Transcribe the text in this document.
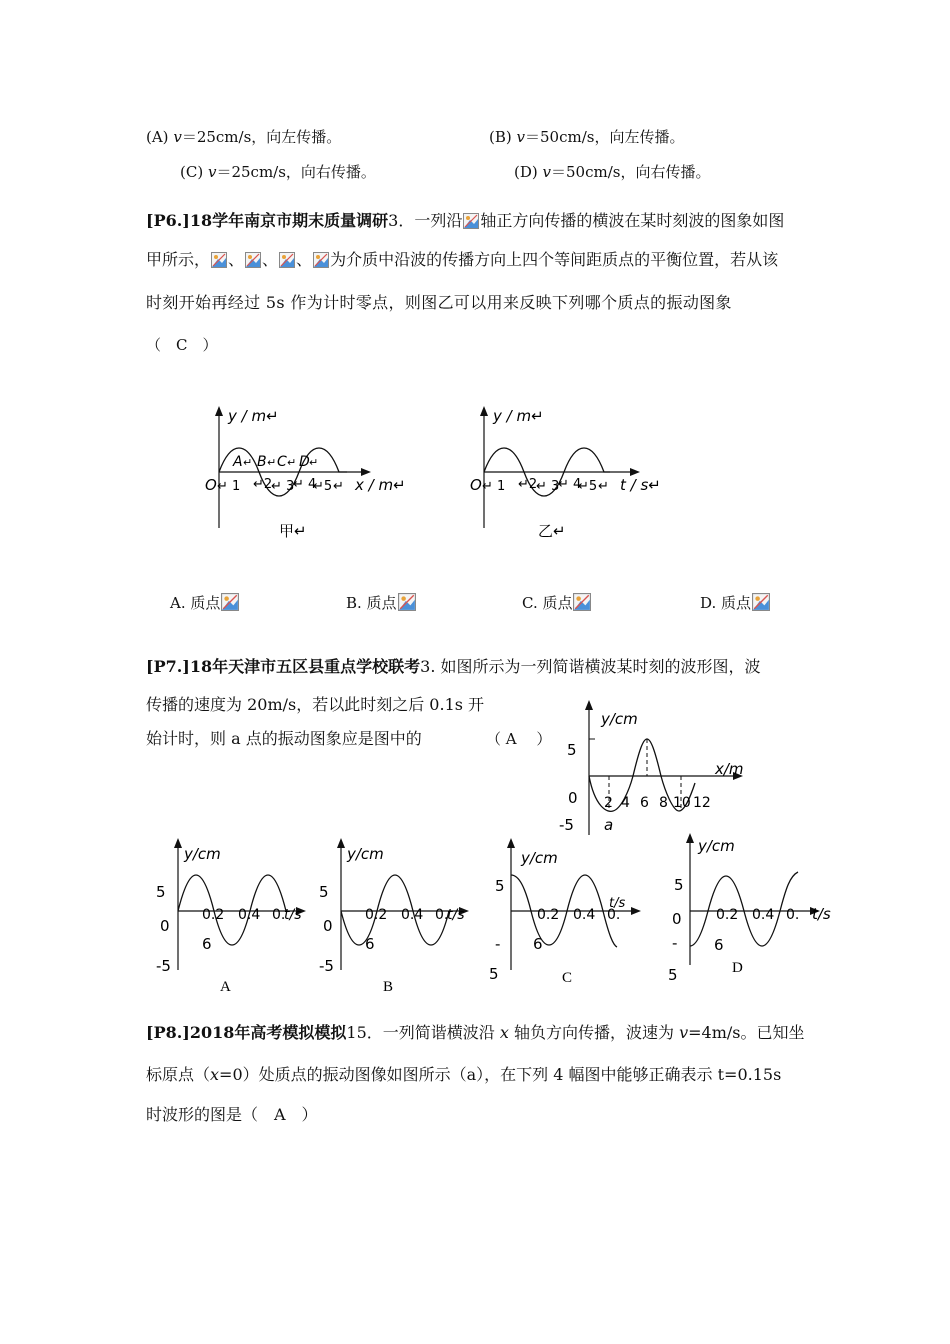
(A) v＝25cm/s，向左传播。	(B) v＝50cm/s，向左传播。
(C) v＝25cm/s，向右传播。	(D) v＝50cm/s，向右传播。
[P6.]18学年南京市期末质量调研3．一列沿 轴正方向传播的横波在某时刻波的图象如图
甲所示， 、 、 、 为介质中沿波的传播方向上四个等间距质点的平衡位置，若从该
时刻开始再经过 5s 作为计时零点，则图乙可以用来反映下列哪个质点的振动图象
（　C　）
y / m↵
x / m↵
O ↵ 1 ↵2
↵ 3
↵ 4
↵5 ↵
A ↵ B ↵ C ↵ D ↵
甲↵
y / m↵
t / s↵
O ↵ 1 ↵2
↵ 3
↵ 4
↵5 ↵
乙↵
A. 质点	B. 质点	C. 质点	D. 质点
[P7.]18年天津市五区县重点学校联考3. 如图所示为一列简谐横波某时刻的波形图，波
传播的速度为 20m/s，若以此时刻之后 0.1s 开
始计时，则 a 点的振动图象应是图中的	（ A　 ）
y/cm
x/m
5
0
-5
2 4 6 8 10 12
a
y/cm
5
0
6
-5
0.2 0.4 0.
t/s
A
y/cm
5
0
6
-5
0.2 0.4 0.
t/s
B
y/cm
5
- 6
5
0.2 0.4 0.
t/s
C
y/cm
5
0
- 6
5
0.2 0.4 0. t/s
D
[P8.]2018年高考模拟模拟15．一列简谐横波沿 x 轴负方向传播，波速为 v=4m/s。已知坐
标原点（x=0）处质点的振动图像如图所示（a），在下列 4 幅图中能够正确表示 t=0.15s
时波形的图是（　A　）
